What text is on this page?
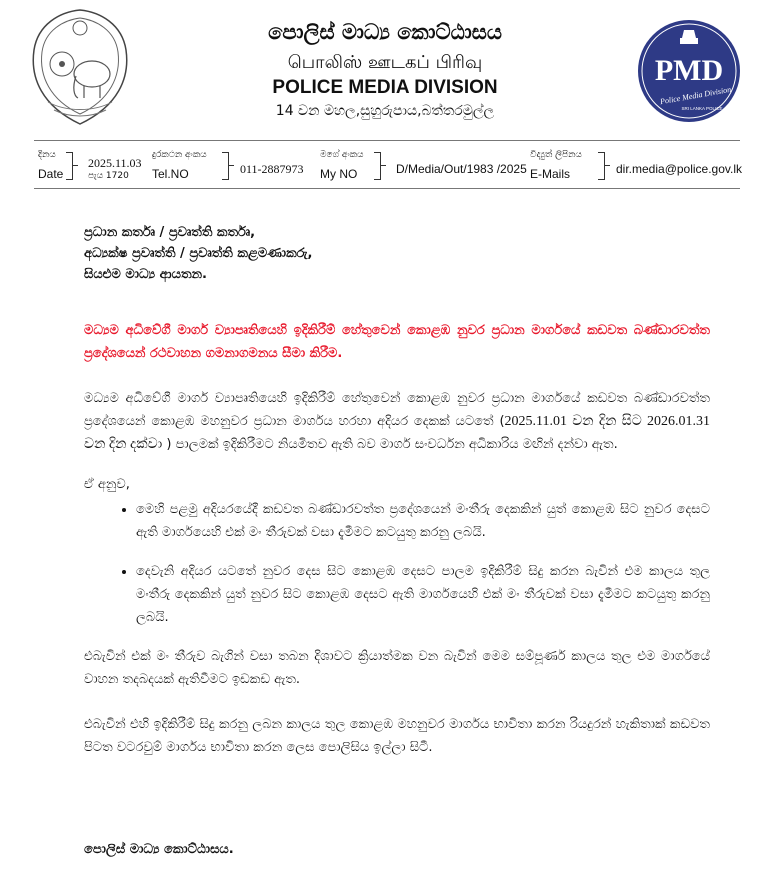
පොලිස් මාධ්‍ය කොට්ඨාසය
பொலிஸ் ஊடகப் பிரிவு
POLICE MEDIA DIVISION
14 වන මහල,සුහුරුපාය,බත්තරමුල්ල
PMD
Police Media Division
SRI LANKA POLICE
දිනය
Date
2025.11.03
පැය 1720
දුරකථන අංකය
Tel.NO	011-2887973
මගේ අංකය
My NO	D/Media/Out/1983 /2025
විද්‍යුත් ලිපිනය
E-Mails	dir.media@police.gov.lk
ප්‍රධාන කර්තෘ / ප්‍රවෘත්ති කර්තෘ,
අධ්‍යක්ෂ ප්‍රවෘත්ති / ප්‍රවෘත්ති කළමණාකරු,
සියළුම මාධ්‍ය ආයතන.
මධ්‍යම අධිවේගී මාර්ග ව්‍යාපෘතියෙහි ඉදිකිරීම් හේතුවෙන් කොළඹ නුවර ප්‍රධාන මාර්ගයේ කඩවත බණ්ඩාරවත්ත ප්‍රදේශයෙන් රථවාහන ගමනාගමනය සීමා කිරීම.
මධ්‍යම අධිවේගී මාර්ග ව්‍යාපෘතියෙහි ඉදිකිරීම් හේතුවෙන් කොළඹ නුවර ප්‍රධාන මාර්ගයේ කඩවත බණ්ඩාරවත්ත ප්‍රදේශයෙන් කොළඹ මහනුවර ප්‍රධාන මාර්ගය හරහා අදියර දෙකක් යටතේ (2025.11.01 වන දින සිට 2026.01.31 වන දින දක්වා ) පාලමක් ඉදිකිරීමට නියමිතව ඇති බව මාර්ග සංවර්ධන අධිකාරිය මඟින් දන්වා ඇත.
ඒ අනුව,
• මෙහි පළමු අදියරයේදී කඩවත බණ්ඩාරවත්ත ප්‍රදේශයෙන් මංතීරු දෙකකින් යුත් කොළඹ සිට නුවර දෙසට ඇති මාර්ගයෙහි එක් මං තීරුවක් වසා දැමීමට කටයුතු කරනු ලබයි.
• දෙවැනි අදියර යටතේ නුවර දෙස සිට කොළඹ දෙසට පාලම ඉදිකිරීම් සිදු කරන බැවින් එම කාලය තුල මංතීරු දෙකකින් යුත් නුවර සිට කොළඹ දෙසට ඇති මාර්ගයෙහි එක් මං තීරුවක් වසා දැමීමට කටයුතු කරනු ලබයි.
එබැවින් එක් මං තීරුව බැගින් වසා තබන දිශාවට ක්‍රියාත්මක වන බැවින් මෙම සම්පූර්ණ කාලය තුල එම මාර්ගයේ වාහන තදබදයක් ඇතිවීමට ඉඩකඩ ඇත.
එබැවින් එහි ඉදිකිරීම් සිදු කරනු ලබන කාලය තුල කොළඹ මහනුවර මාර්ගය භාවිතා කරන රියදුරන් හැකිතාක් කඩවත පිටත වටරවුම් මාර්ගය භාවිතා කරන ලෙස පොලිසිය ඉල්ලා සිටී.
පොලිස් මාධ්‍ය කොට්ඨාසය.
